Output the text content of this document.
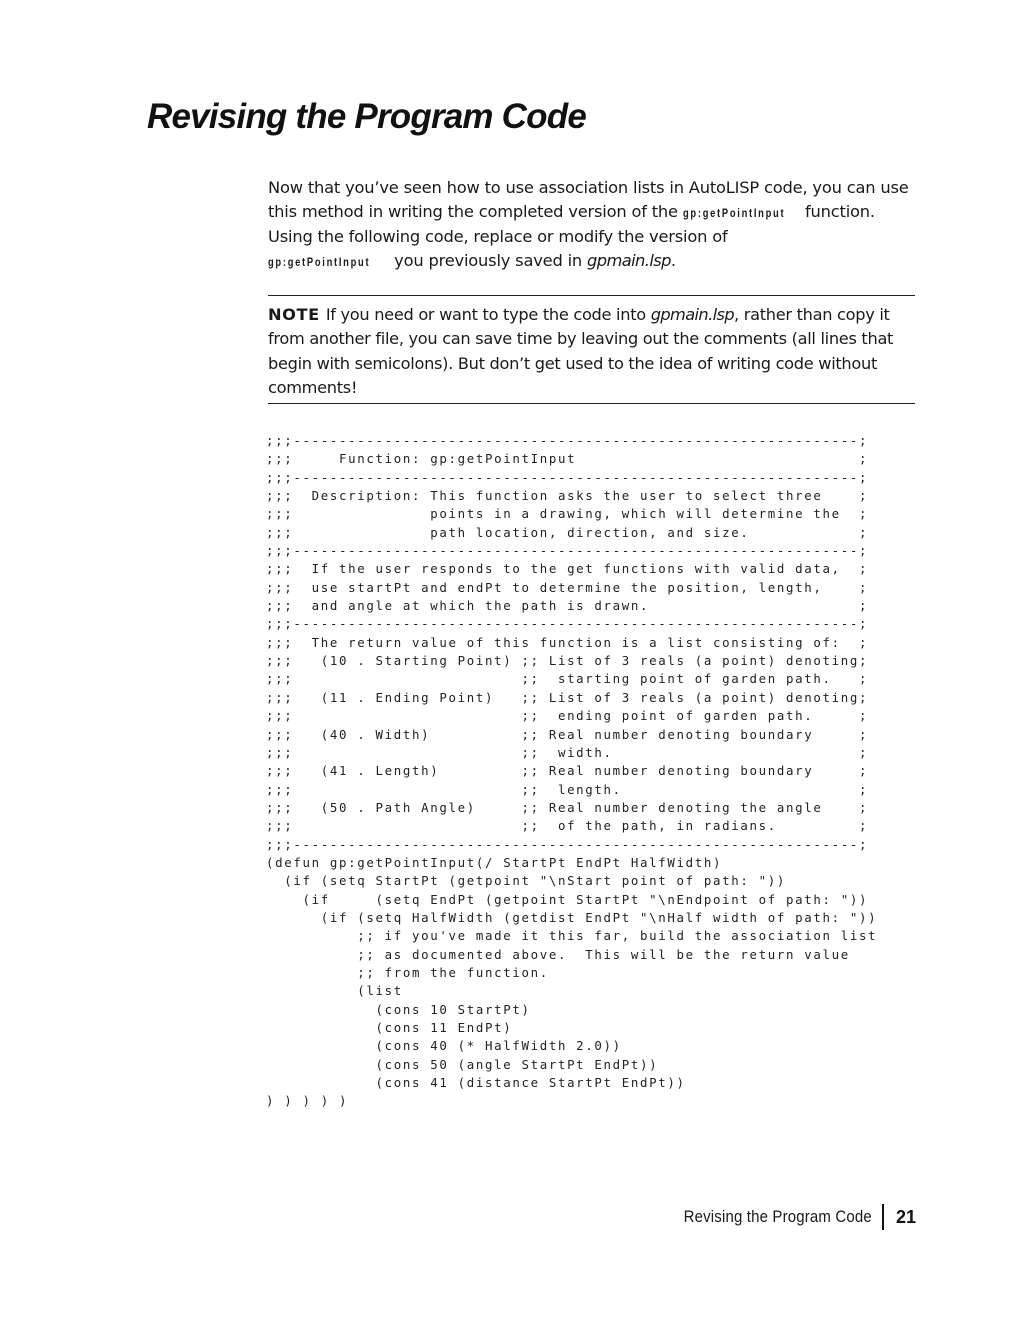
Revising the Program Code
Now that you’ve seen how to use association lists in AutoLISP code, you can use this method in writing the completed version of the gp:getPointInput function. Using the following code, replace or modify the version of
gp:getPointInput you previously saved in gpmain.lsp.
NOTE If you need or want to type the code into gpmain.lsp, rather than copy it from another file, you can save time by leaving out the comments (all lines that begin with semicolons). But don’t get used to the idea of writing code without comments!
;;;--------------------------------------------------------------;
;;;     Function: gp:getPointInput                               ;
;;;--------------------------------------------------------------;
;;;  Description: This function asks the user to select three    ;
;;;               points in a drawing, which will determine the  ;
;;;               path location, direction, and size.            ;
;;;--------------------------------------------------------------;
;;;  If the user responds to the get functions with valid data,  ;
;;;  use startPt and endPt to determine the position, length,    ;
;;;  and angle at which the path is drawn.                       ;
;;;--------------------------------------------------------------;
;;;  The return value of this function is a list consisting of:  ;
;;;   (10 . Starting Point) ;; List of 3 reals (a point) denoting;
;;;                         ;;  starting point of garden path.   ;
;;;   (11 . Ending Point)   ;; List of 3 reals (a point) denoting;
;;;                         ;;  ending point of garden path.     ;
;;;   (40 . Width)          ;; Real number denoting boundary     ;
;;;                         ;;  width.                           ;
;;;   (41 . Length)         ;; Real number denoting boundary     ;
;;;                         ;;  length.                          ;
;;;   (50 . Path Angle)     ;; Real number denoting the angle    ;
;;;                         ;;  of the path, in radians.         ;
;;;--------------------------------------------------------------;
(defun gp:getPointInput(/ StartPt EndPt HalfWidth)
(if (setq StartPt (getpoint "\nStart point of path: "))
(if     (setq EndPt (getpoint StartPt "\nEndpoint of path: "))
(if (setq HalfWidth (getdist EndPt "\nHalf width of path: "))
;; if you've made it this far, build the association list
;; as documented above.  This will be the return value
;; from the function.
(list
(cons 10 StartPt)
(cons 11 EndPt)
(cons 40 (* HalfWidth 2.0))
(cons 50 (angle StartPt EndPt))
(cons 41 (distance StartPt EndPt))
) ) ) ) )
Revising the Program Code 21
